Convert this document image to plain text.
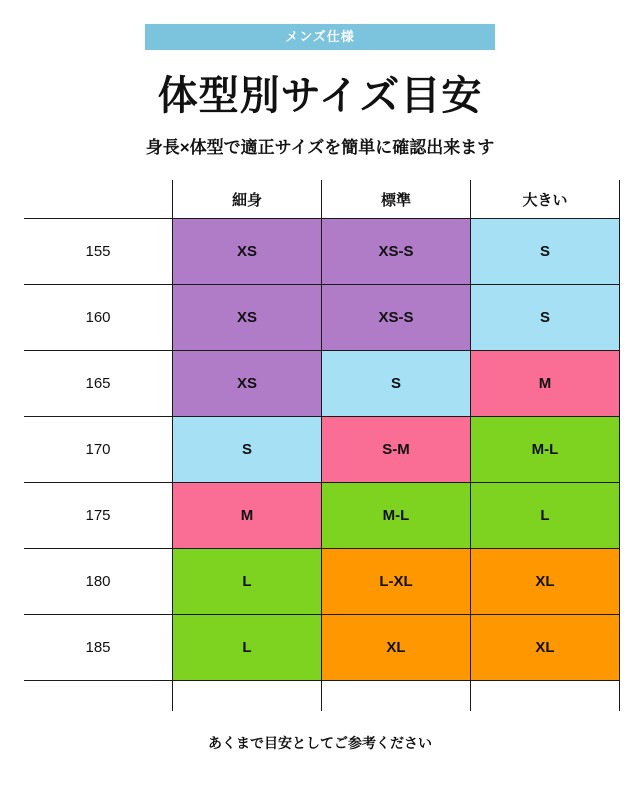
メンズ仕様
体型別サイズ目安
身長×体型で適正サイズを簡単に確認出来ます
	細身	標準	大きい
155	XS	XS-S	S
160	XS	XS-S	S
165	XS	S	M
170	S	S-M	M-L
175	M	M-L	L
180	L	L-XL	XL
185	L	XL	XL

あくまで目安としてご参考ください
